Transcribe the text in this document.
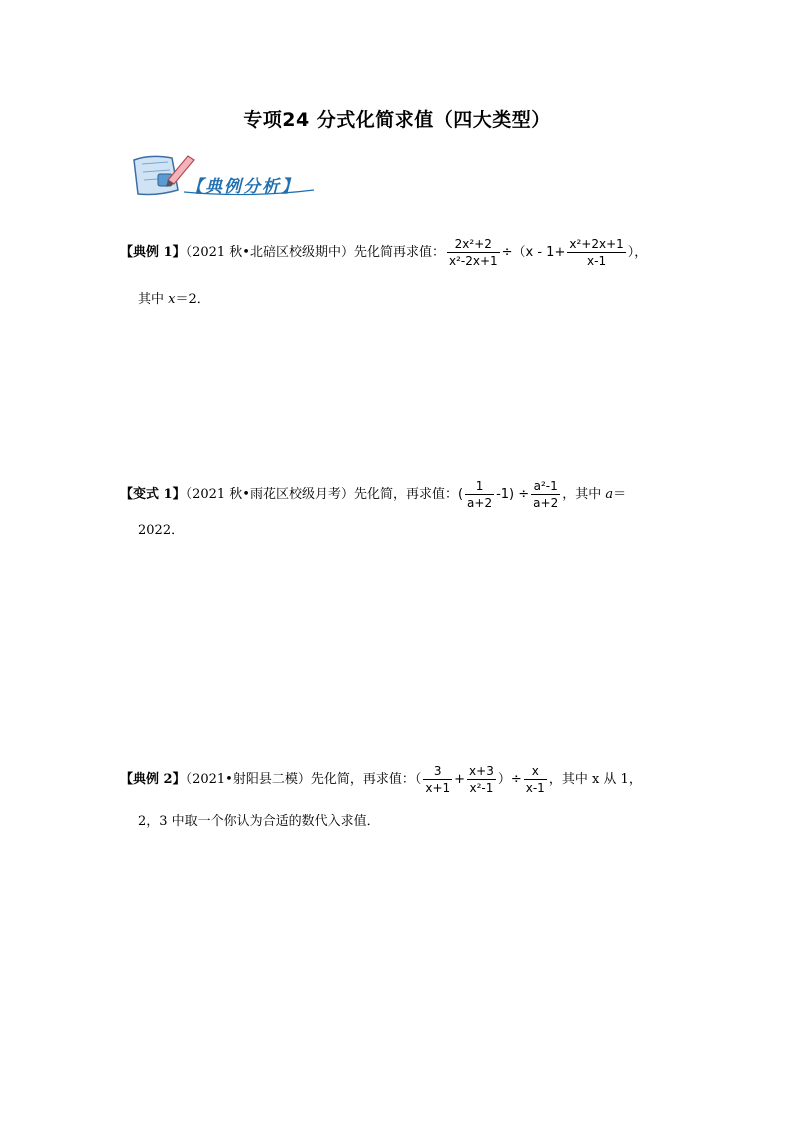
专项24 分式化简求值（四大类型）
【典例分析】
【典例 1】（2021 秋•北碚区校级期中）先化简再求值： $\frac{\text{2x²+2}}{\text{x²-2x+1}} \div(x - 1+ \frac{\text{x²+2x+1}}{x-1}$ ），
其中 x＝2．
【变式 1】（2021 秋•雨花区校级月考）先化简，再求值：( $\frac{1}{a+2} -1) \div \frac{\text{a²-1}}{a+2}$ ，其中 a＝
2022．
【典例 2】（2021•射阳县二模）先化简，再求值：（ $\frac{3}{x+1} + \frac{x+3}{\text{x²-1}}$ ）÷ $\frac{x}{x-1}$ ，其中 x 从 1，
2，3 中取一个你认为合适的数代入求值．
